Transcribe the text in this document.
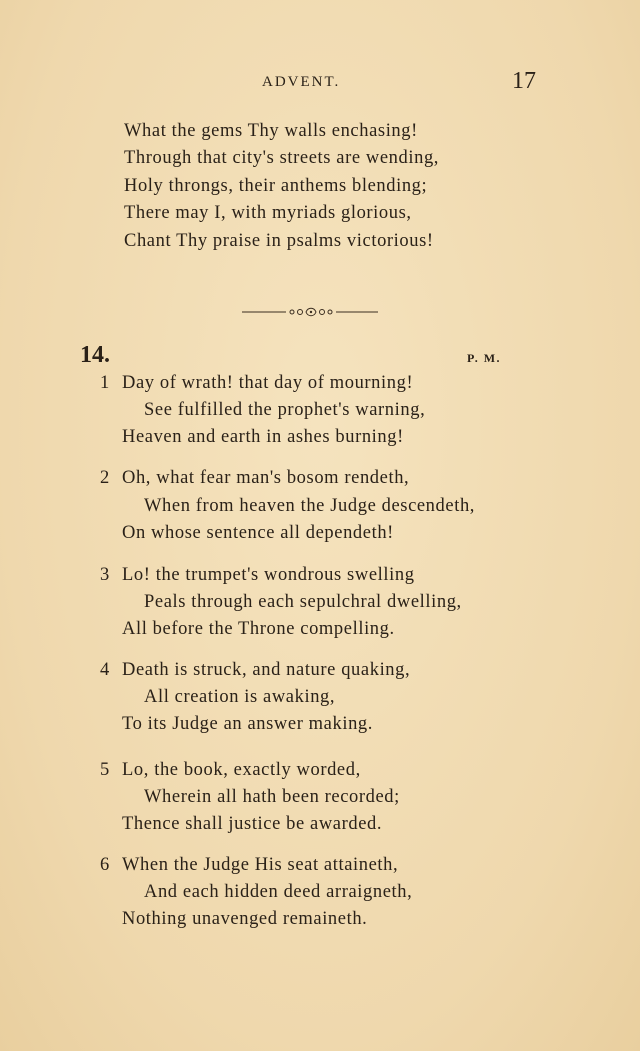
ADVENT.	17
What the gems Thy walls enchasing!
Through that city's streets are wending,
Holy throngs, their anthems blending;
There may I, with myriads glorious,
Chant Thy praise in psalms victorious!
14.	P. M.
1 Day of wrath! that day of mourning!
See fulfilled the prophet's warning,
Heaven and earth in ashes burning!
2 Oh, what fear man's bosom rendeth,
When from heaven the Judge descendeth,
On whose sentence all dependeth!
3 Lo! the trumpet's wondrous swelling
Peals through each sepulchral dwelling,
All before the Throne compelling.
4 Death is struck, and nature quaking,
All creation is awaking,
To its Judge an answer making.
5 Lo, the book, exactly worded,
Wherein all hath been recorded;
Thence shall justice be awarded.
6 When the Judge His seat attaineth,
And each hidden deed arraigneth,
Nothing unavenged remaineth.
